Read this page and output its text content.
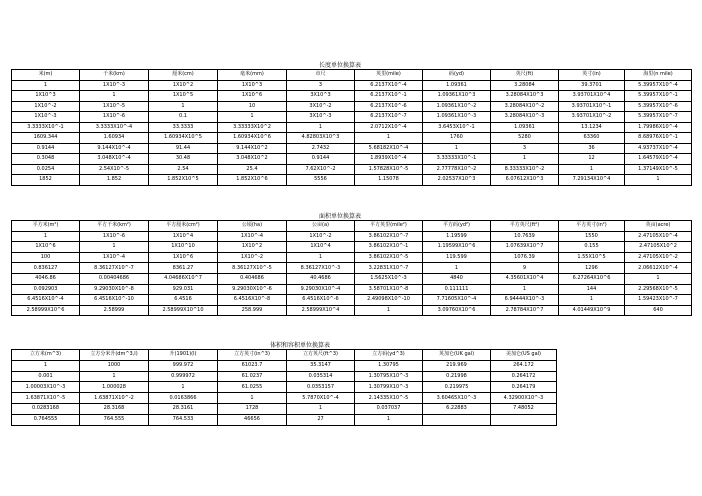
长度单位换算表
米(m)	千米(km)	厘米(cm)	毫米(mm)	市尺	英里(mile)	码(yd)	英尺(ft)	英寸(in)	海里(n mile)
1	1X10^-3	1X10^2	1X10^3	3	6.2137X10^-4	1.09361	3.28084	39.3701	5.39957X10^-4
1X10^3	1	1X10^5	1X10^6	3X10^3	6.2137X10^-1	1.09361X10^3	3.28084X10^3	3.93701X10^4	5.39957X10^-1
1X10^-2	1X10^-5	1	10	3X10^-2	6.2137X10^-6	1.09361X10^-2	3.28084X10^-2	3.93701X10^-1	5.39957X10^-6
1X10^-3	1X10^-6	0.1	1	3X10^-3	6.2137X10^-7	1.09361X10^-3	3.28084X10^-3	3.93701X10^-2	5.39957X10^-7
3.3333X10^-1	3.3333X10^-4	33.3333	3.33333X10^2	1	2.0712X10^-4	3.6453X10^-1	1.09361	13.1234	1.79986X10^-4
1609.344	1.60934	1.60934X10^5	1.60934X10^6	4.82803X10^3	1	1760	5280	63360	8.68976X10^-1
0.9144	9.144X10^-4	91.44	9.144X10^2	2.7432	5.68182X10^-4	1	3	36	4.93737X10^-4
0.3048	3.048X10^-4	30.48	3.048X10^2	0.9144	1.8939X10^-4	3.33333X10^-1	1	12	1.64579X10^-4
0.0254	2.54X10^-5	2.54	25.4	7.62X10^-2	1.57828X10^-5	2.77778X10^-2	8.33333X10^-2	1	1.37149X10^-5
1852	1.852	1.852X10^5	1.852X10^6	5556	1.15078	2.02537X10^3	6.07612X10^3	7.29134X10^4	1
面积单位换算表
平方米(m²)	平方千米(km²)	平方厘米(cm²)	公顷(ha)	公亩(a)	平方英里(mile²)	平方码(yd²)	平方英尺(ft²)	平方英寸(in²)	英亩(acre)
1	1X10^-6	1X10^4	1X10^-4	1X10^-2	3.86102X10^-7	1.19599	10.7639	1550	2.47105X10^-4
1X10^6	1	1X10^10	1X10^2	1X10^4	3.86102X10^-1	1.19599X10^6	1.07639X10^7	0.155	2.47105X10^2
100	1X10^-4	1X10^6	1X10^-2	1	3.86102X10^-5	119.599	1076.39	1.55X10^5	2.47105X10^-2
0.836127	8.36127X10^-7	8361.27	8.36127X10^-5	8.36127X10^-3	3.22831X10^-7	1	9	1296	2.06612X10^-4
4046.86	0.00404686	4.04686X10^7	0.404686	40.4686	1.5625X10^-3	4840	4.35601X10^4	6.27264X10^6	1
0.092903	9.29030X10^-8	929.031	9.29030X10^-6	9.29030X10^-4	3.58701X10^-8	0.111111	1	144	2.29568X10^-5
6.4516X10^-4	6.4516X10^-10	6.4516	6.4516X10^-8	6.4516X10^-6	2.49098X10^-10	7.71605X10^-4	6.94444X10^-3	1	1.59423X10^-7
2.58999X10^6	2.58999	2.58999X10^10	258.999	2.58999X10^4	1	3.09760X10^6	2.78784X10^7	4.01449X10^9	640
体积和容积单位换算表
立方米(m^3)	立方分米升(dm^3,l)	升(1901)(l)	立方英寸(in^3)	立方英尺(ft^3)	立方码(yd^3)	英加仑(UK gal)	美加仑(US gal)
1	1000	999.972	61023.7	35.3147	1.30795	219.969	264.172
0.001	1	0.999972	61.0237	0.035314	1.30795X10^-3	0.21998	0.264172
1.00003X10^-3	1.000028	1	61.0255	0.0353157	1.30799X10^-3	0.219975	0.264179
1.63871X10^-5	1.63871X10^-2	0.0163866	1	5.7870X10^-4	2.14335X10^-5	3.60465X10^-3	4.32900X10^-3
0.0283168	28.3168	28.3161	1728	1	0.037037	6.22883	7.48052
0.764555	764.555	764.533	46656	27	1		
